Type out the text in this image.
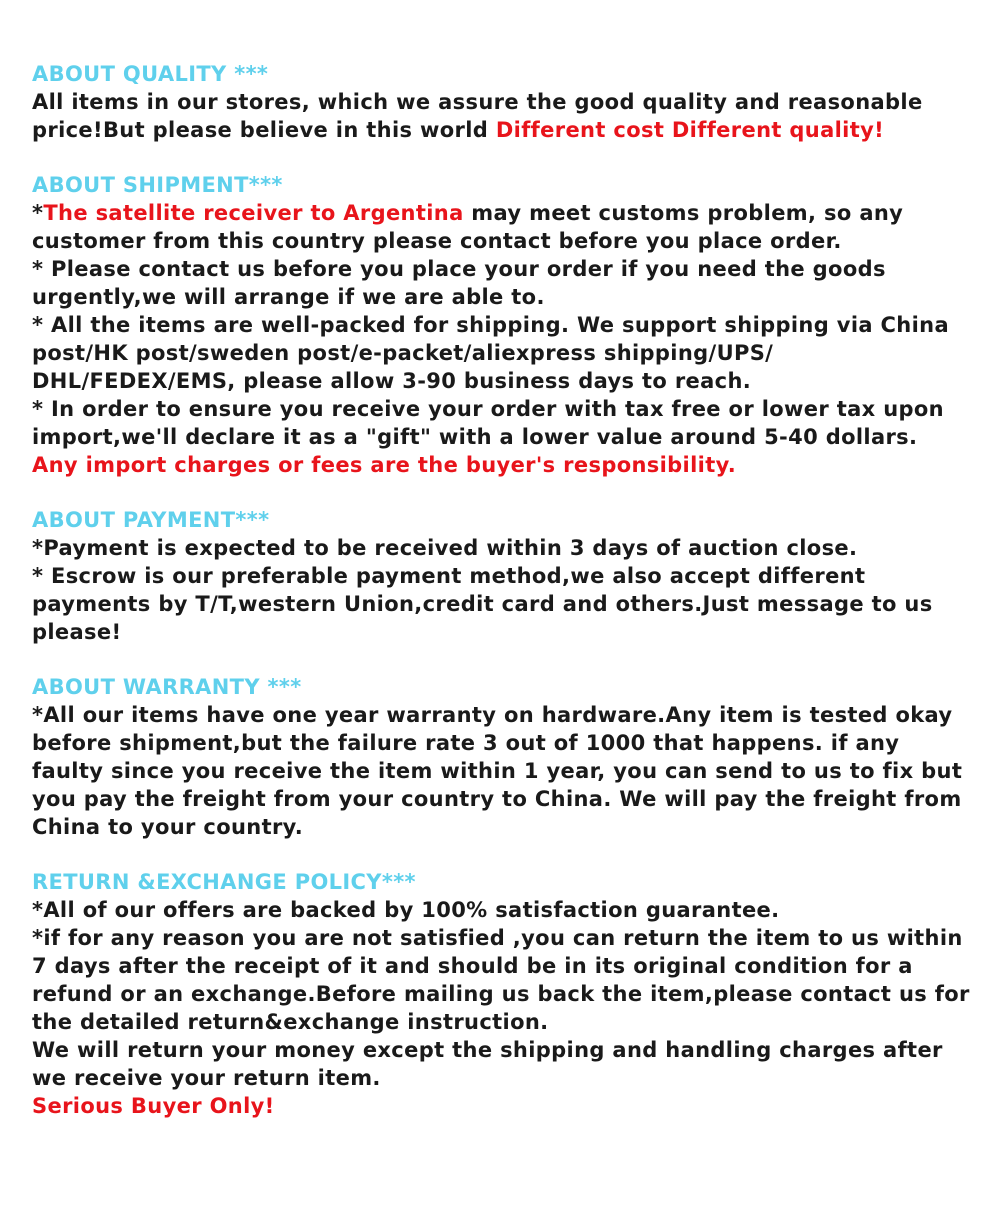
ABOUT QUALITY ***

All items in our stores, which we assure the good quality and reasonable price!But please believe in this world Different cost Different quality!

ABOUT SHIPMENT***

*The satellite receiver to Argentina may meet customs problem, so any customer from this country please contact before you place order.

* Please contact us before you place your order if you need the goods urgently,we will arrange if we are able to.

* All the items are well-packed for shipping. We support shipping via China post/HK post/sweden post/e-packet/aliexpress shipping/UPS/ DHL/FEDEX/EMS, please allow 3-90 business days to reach.

* In order to ensure you receive your order with tax free or lower tax upon import,we'll declare it as a "gift" with a lower value around 5-40 dollars.

Any import charges or fees are the buyer's responsibility.

ABOUT PAYMENT***

*Payment is expected to be received within 3 days of auction close.

* Escrow is our preferable payment method,we also accept different payments by T/T,western Union,credit card and others.Just message to us please!

ABOUT WARRANTY ***

*All our items have one year warranty on hardware.Any item is tested okay before shipment,but the failure rate 3 out of 1000 that happens. if any faulty since you receive the item within 1 year, you can send to us to fix but you pay the freight from your country to China. We will pay the freight from China to your country.

RETURN &EXCHANGE POLICY***

*All of our offers are backed by 100% satisfaction guarantee.

*if for any reason you are not satisfied ,you can return the item to us within 7 days after the receipt of it and should be in its original condition for a refund or an exchange.Before mailing us back the item,please contact us for the detailed return&exchange instruction.

We will return your money except the shipping and handling charges after we receive your return item.

Serious Buyer Only!
